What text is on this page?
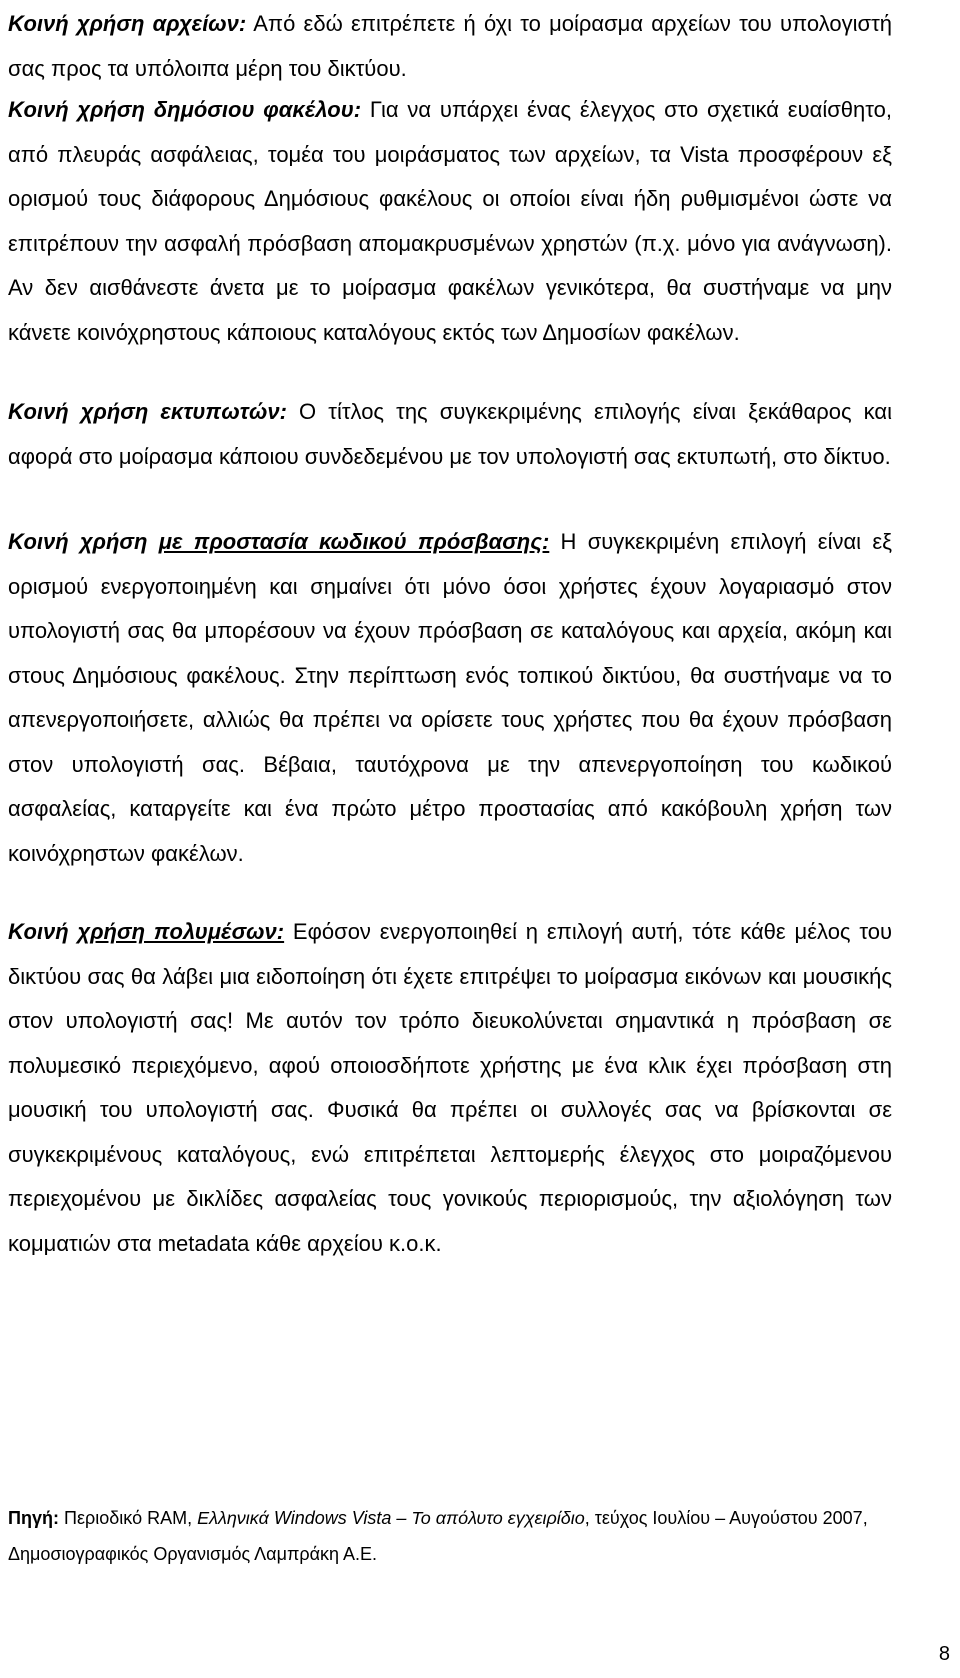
Κοινή χρήση αρχείων: Από εδώ επιτρέπετε ή όχι το μοίρασμα αρχείων του υπολογιστή σας προς τα υπόλοιπα μέρη του δικτύου.

Κοινή χρήση δημόσιου φακέλου: Για να υπάρχει ένας έλεγχος στο σχετικά ευαίσθητο, από πλευράς ασφάλειας, τομέα του μοιράσματος των αρχείων, τα Vista προσφέρουν εξ ορισμού τους διάφορους Δημόσιους φακέλους οι οποίοι είναι ήδη ρυθμισμένοι ώστε να επιτρέπουν την ασφαλή πρόσβαση απομακρυσμένων χρηστών (π.χ. μόνο για ανάγνωση). Αν δεν αισθάνεστε άνετα με το μοίρασμα φακέλων γενικότερα, θα συστήναμε να μην κάνετε κοινόχρηστους κάποιους καταλόγους εκτός των Δημοσίων φακέλων.

Κοινή χρήση εκτυπωτών: Ο τίτλος της συγκεκριμένης επιλογής είναι ξεκάθαρος και αφορά στο μοίρασμα κάποιου συνδεδεμένου με τον υπολογιστή σας εκτυπωτή, στο δίκτυο.

Κοινή χρήση με προστασία κωδικού πρόσβασης: Η συγκεκριμένη επιλογή είναι εξ ορισμού ενεργοποιημένη και σημαίνει ότι μόνο όσοι χρήστες έχουν λογαριασμό στον υπολογιστή σας θα μπορέσουν να έχουν πρόσβαση σε καταλόγους και αρχεία, ακόμη και στους Δημόσιους φακέλους. Στην περίπτωση ενός τοπικού δικτύου, θα συστήναμε να το απενεργοποιήσετε, αλλιώς θα πρέπει να ορίσετε τους χρήστες που θα έχουν πρόσβαση στον υπολογιστή σας. Βέβαια, ταυτόχρονα με την απενεργοποίηση του κωδικού ασφαλείας, καταργείτε και ένα πρώτο μέτρο προστασίας από κακόβουλη χρήση των κοινόχρηστων φακέλων.

Κοινή χρήση πολυμέσων: Εφόσον ενεργοποιηθεί η επιλογή αυτή, τότε κάθε μέλος του δικτύου σας θα λάβει μια ειδοποίηση ότι έχετε επιτρέψει το μοίρασμα εικόνων και μουσικής στον υπολογιστή σας! Με αυτόν τον τρόπο διευκολύνεται σημαντικά η πρόσβαση σε πολυμεσικό περιεχόμενο, αφού οποιοσδήποτε χρήστης με ένα κλικ έχει πρόσβαση στη μουσική του υπολογιστή σας. Φυσικά θα πρέπει οι συλλογές σας να βρίσκονται σε συγκεκριμένους καταλόγους, ενώ επιτρέπεται λεπτομερής έλεγχος στο μοιραζόμενου περιεχομένου με δικλίδες ασφαλείας τους γονικούς περιορισμούς, την αξιολόγηση των κομματιών στα metadata κάθε αρχείου κ.ο.κ.

Πηγή: Περιοδικό RAM, Ελληνικά Windows Vista – Το απόλυτο εγχειρίδιο, τεύχος Ιουλίου – Αυγούστου 2007, Δημοσιογραφικός Οργανισμός Λαμπράκη Α.Ε.

8
